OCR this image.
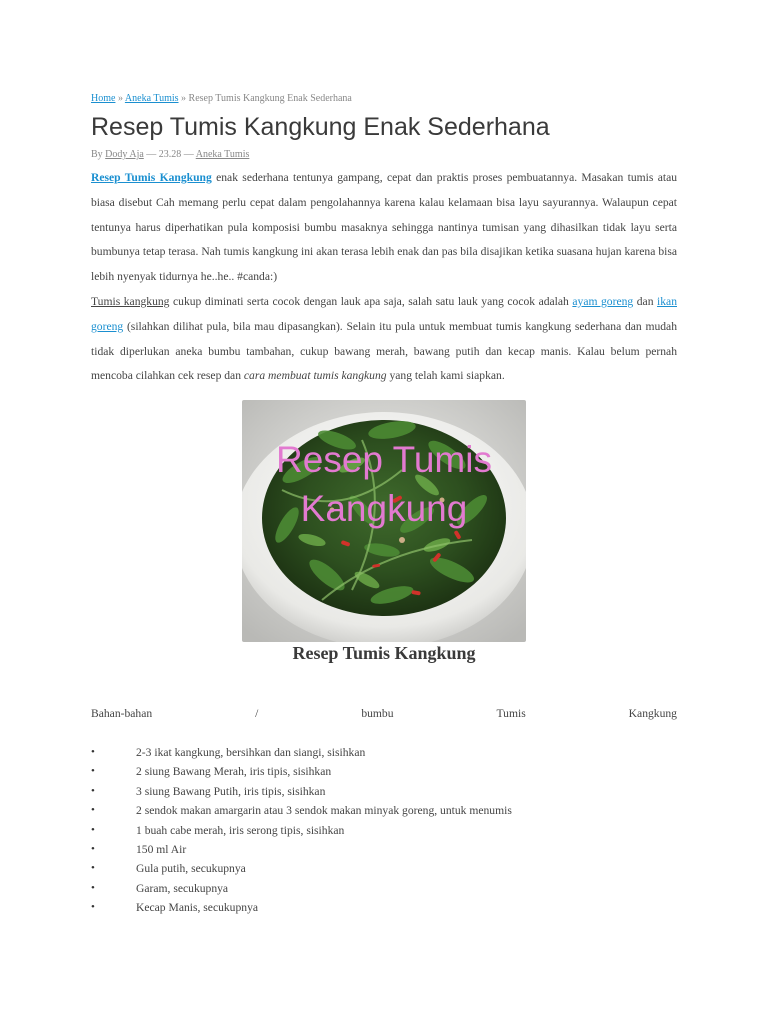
Home » Aneka Tumis » Resep Tumis Kangkung Enak Sederhana
Resep Tumis Kangkung Enak Sederhana
By Dody Aja — 23.28 — Aneka Tumis

Resep Tumis Kangkung enak sederhana tentunya gampang, cepat dan praktis proses pembuatannya. Masakan tumis atau biasa disebut Cah memang perlu cepat dalam pengolahannya karena kalau kelamaan bisa layu sayurannya. Walaupun cepat tentunya harus diperhatikan pula komposisi bumbu masaknya sehingga nantinya tumisan yang dihasilkan tidak layu serta bumbunya tetap terasa. Nah tumis kangkung ini akan terasa lebih enak dan pas bila disajikan ketika suasana hujan karena bisa lebih nyenyak tidurnya he..he.. #canda:)

Tumis kangkung cukup diminati serta cocok dengan lauk apa saja, salah satu lauk yang cocok adalah ayam goreng dan ikan goreng (silahkan dilihat pula, bila mau dipasangkan). Selain itu pula untuk membuat tumis kangkung sederhana dan mudah tidak diperlukan aneka bumbu tambahan, cukup bawang merah, bawang putih dan kecap manis. Kalau belum pernah mencoba cilahkan cek resep dan cara membuat tumis kangkung yang telah kami siapkan.

Resep Tumis
Kangkung

Resep Tumis Kangkung

Bahan-bahan	/	bumbu	Tumis	Kangkung
• 2-3 ikat kangkung, bersihkan dan siangi, sisihkan
• 2 siung Bawang Merah, iris tipis, sisihkan
• 3 siung Bawang Putih, iris tipis, sisihkan
• 2 sendok makan amargarin atau 3 sendok makan minyak goreng, untuk menumis
• 1 buah cabe merah, iris serong tipis, sisihkan
• 150 ml Air
• Gula putih, secukupnya
• Garam, secukupnya
• Kecap Manis, secukupnya
